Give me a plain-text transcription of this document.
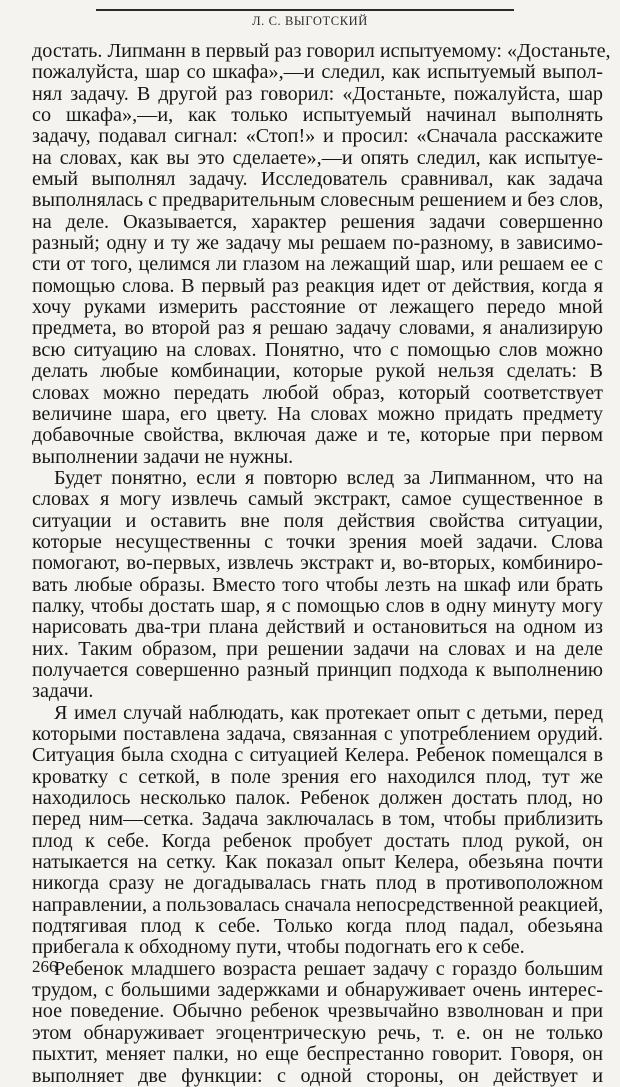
Л. С. ВЫГОТСКИЙ

достать. Липманн в первый раз говорил испытуемому: «Достаньте,
пожалуйста, шар со шкафа»,—и следил, как испытуемый выпол-
нял задачу. В другой раз говорил: «Достаньте, пожалуйста, шар
со шкафа»,—и, как только испытуемый начинал выполнять
задачу, подавал сигнал: «Стоп!» и просил: «Сначала расскажите
на словах, как вы это сделаете»,—и опять следил, как испытуе-
емый выполнял задачу. Исследователь сравнивал, как задача
выполнялась с предварительным словесным решением и без слов,
на деле. Оказывается, характер решения задачи совершенно
разный; одну и ту же задачу мы решаем по-разному, в зависимо-
сти от того, целимся ли глазом на лежащий шар, или решаем ее с
помощью слова. В первый раз реакция идет от действия, когда я
хочу руками измерить расстояние от лежащего передо мной
предмета, во второй раз я решаю задачу словами, я анализирую
всю ситуацию на словах. Понятно, что с помощью слов можно
делать любые комбинации, которые рукой нельзя сделать: В
словах можно передать любой образ, который соответствует
величине шара, его цвету. На словах можно придать предмету
добавочные свойства, включая даже и те, которые при первом
выполнении задачи не нужны.

Будет понятно, если я повторю вслед за Липманном, что на
словах я могу извлечь самый экстракт, самое существенное в
ситуации и оставить вне поля действия свойства ситуации,
которые несущественны с точки зрения моей задачи. Слова
помогают, во-первых, извлечь экстракт и, во-вторых, комбиниро-
вать любые образы. Вместо того чтобы лезть на шкаф или брать
палку, чтобы достать шар, я с помощью слов в одну минуту могу
нарисовать два-три плана действий и остановиться на одном из
них. Таким образом, при решении задачи на словах и на деле
получается совершенно разный принцип подхода к выполнению
задачи.

Я имел случай наблюдать, как протекает опыт с детьми, перед
которыми поставлена задача, связанная с употреблением орудий.
Ситуация была сходна с ситуацией Келера. Ребенок помещался в
кроватку с сеткой, в поле зрения его находился плод, тут же
находилось несколько палок. Ребенок должен достать плод, но
перед ним—сетка. Задача заключалась в том, чтобы приблизить
плод к себе. Когда ребенок пробует достать плод рукой, он
натыкается на сетку. Как показал опыт Келера, обезьяна почти
никогда сразу не догадывалась гнать плод в противоположном
направлении, а пользовалась сначала непосредственной реакцией,
подтягивая плод к себе. Только когда плод падал, обезьяна
прибегала к обходному пути, чтобы подогнать его к себе.

Ребенок младшего возраста решает задачу с гораздо большим
трудом, с большими задержками и обнаруживает очень интерес-
ное поведение. Обычно ребенок чрезвычайно взволнован и при
этом обнаруживает эгоцентрическую речь, т. е. он не только
пыхтит, меняет палки, но еще беспрестанно говорит. Говоря, он
выполняет две функции: с одной стороны, он действует и

266
